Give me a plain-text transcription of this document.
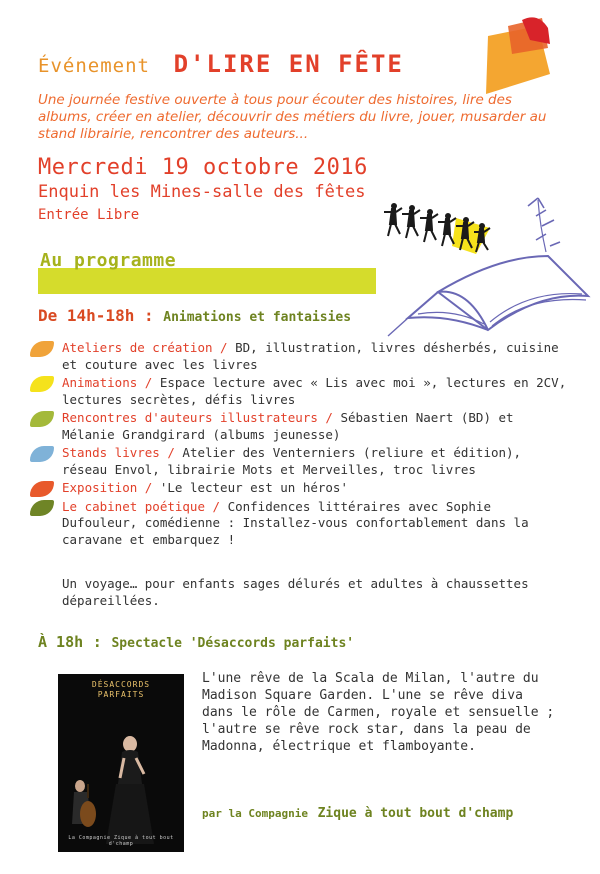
Événement D'LIRE EN FÊTE
Une journée festive ouverte à tous pour écouter des histoires, lire des albums, créer en atelier, découvrir des métiers du livre, jouer, musarder au stand librairie, rencontrer des auteurs...
Mercredi 19 octobre 2016
Enquin les Mines-salle des fêtes
Entrée Libre
Au programme
De 14h-18h : Animations et fantaisies
Ateliers de création / BD, illustration, livres désherbés, cuisine et couture avec les livres
Animations / Espace lecture avec « Lis avec moi », lectures en 2CV, lectures secrètes, défis livres
Rencontres d'auteurs illustrateurs / Sébastien Naert (BD) et Mélanie Grandgirard (albums jeunesse)
Stands livres / Atelier des Venterniers (reliure et édition), réseau Envol, librairie Mots et Merveilles, troc livres
Exposition / 'Le lecteur est un héros'
Le cabinet poétique / Confidences littéraires avec Sophie Dufouleur, comédienne : Installez-vous confortablement dans la caravane et embarquez !
Un voyage… pour enfants sages délurés et adultes à chaussettes dépareillées.
À 18h : Spectacle 'Désaccords parfaits'
DÉSACCORDS
PARFAITS
La Compagnie Zique à tout bout d'champ
L'une rêve de la Scala de Milan, l'autre du Madison Square Garden. L'une se rêve diva dans le rôle de Carmen, royale et sensuelle ; l'autre se rêve rock star, dans la peau de Madonna, électrique et flamboyante.
par la Compagnie Zique à tout bout d'champ
